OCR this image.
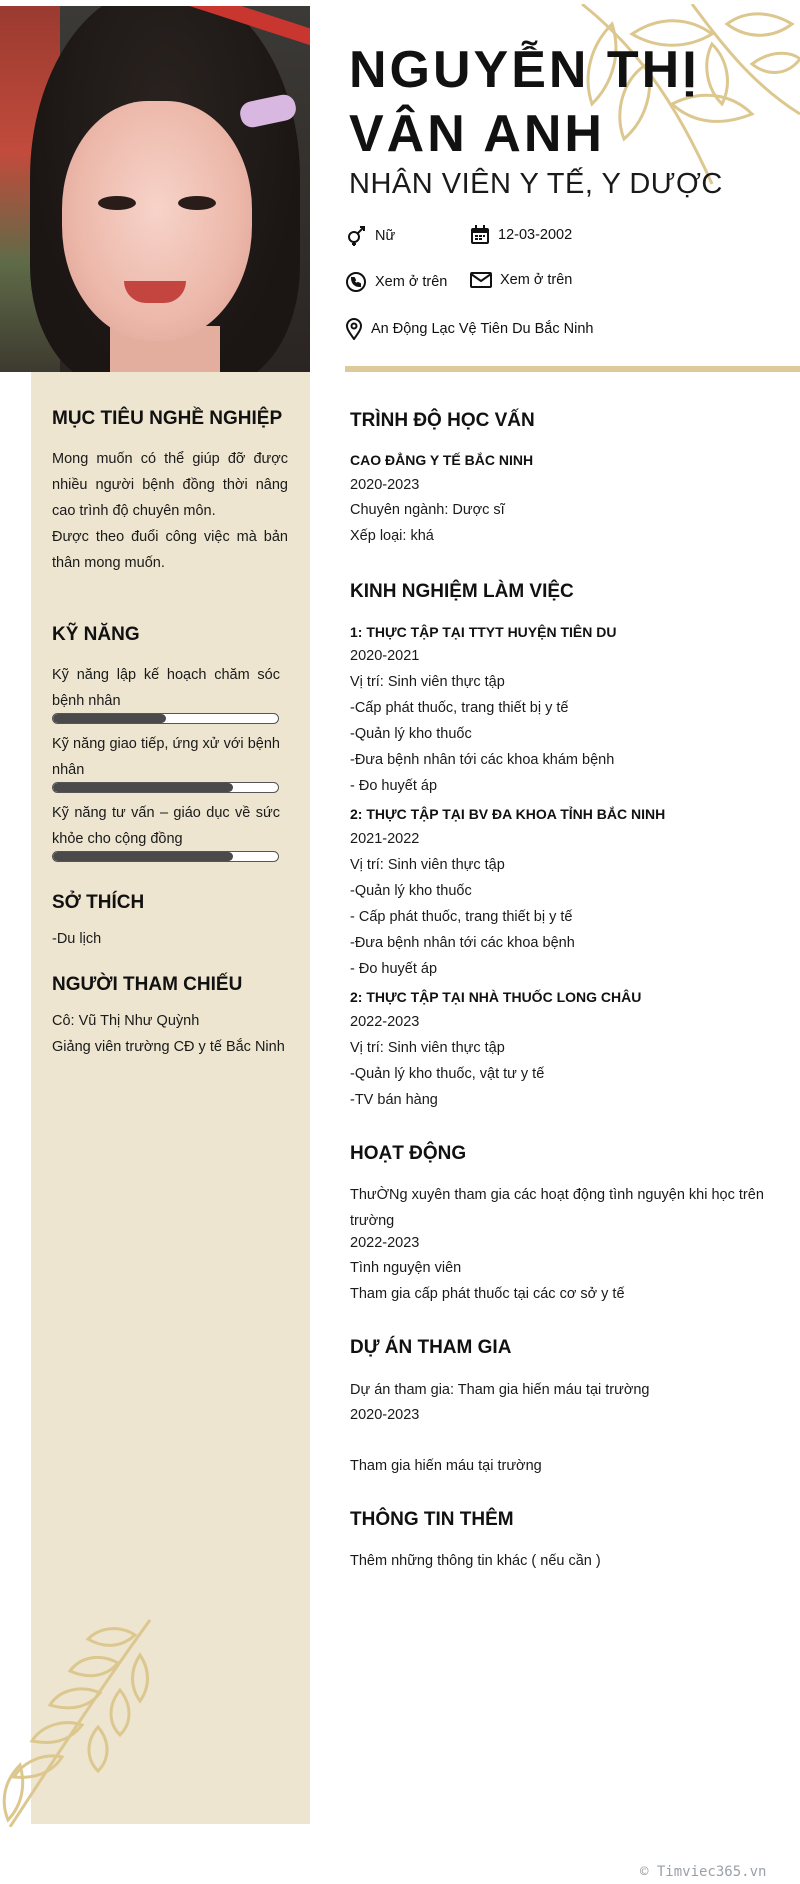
NGUYỄN THỊ VÂN ANH
NHÂN VIÊN Y TẾ, Y DƯỢC
Nữ	12-03-2002
Xem ở trên	Xem ở trên
An Động Lạc Vệ Tiên Du Bắc Ninh
MỤC TIÊU NGHỀ NGHIỆP
Mong muốn có thể giúp đỡ được nhiều người bệnh đồng thời nâng cao trình độ chuyên môn.
Được theo đuổi công việc mà bản thân mong muốn.
KỸ NĂNG
Kỹ năng lập kế hoạch chăm sóc bệnh nhân
Kỹ năng giao tiếp, ứng xử với bệnh nhân
Kỹ năng tư vấn – giáo dục về sức khỏe cho cộng đồng
SỞ THÍCH
-Du lịch
NGƯỜI THAM CHIẾU
Cô: Vũ Thị Như Quỳnh
Giảng viên trường CĐ y tế Bắc Ninh
TRÌNH ĐỘ HỌC VẤN
CAO ĐẲNG Y TẾ BẮC NINH
2020-2023
Chuyên ngành: Dược sĩ
Xếp loại: khá
KINH NGHIỆM LÀM VIỆC
1: THỰC TẬP TẠI TTYT HUYỆN TIÊN DU
2020-2021
Vị trí: Sinh viên thực tập
-Cấp phát thuốc, trang thiết bị y tế
-Quản lý kho thuốc
-Đưa bệnh nhân tới các khoa khám bệnh
- Đo huyết áp
2: THỰC TẬP TẠI BV ĐA KHOA TỈNH BẮC NINH
2021-2022
Vị trí: Sinh viên thực tập
-Quản lý kho thuốc
- Cấp phát thuốc, trang thiết bị y tế
-Đưa bệnh nhân tới các khoa bệnh
- Đo huyết áp
2: THỰC TẬP TẠI NHÀ THUỐC LONG CHÂU
2022-2023
Vị trí: Sinh viên thực tập
-Quản lý kho thuốc, vật tư y tế
-TV bán hàng
HOẠT ĐỘNG
ThưỜNg xuyên tham gia các hoạt động tình nguyện khi học trên trường
2022-2023
Tình nguyện viên
Tham gia cấp phát thuốc tại các cơ sở y tế
DỰ ÁN THAM GIA
Dự án tham gia: Tham gia hiến máu tại trường
2020-2023
Tham gia hiến máu tại trường
THÔNG TIN THÊM
Thêm những thông tin khác ( nếu cần )
© Timviec365.vn
